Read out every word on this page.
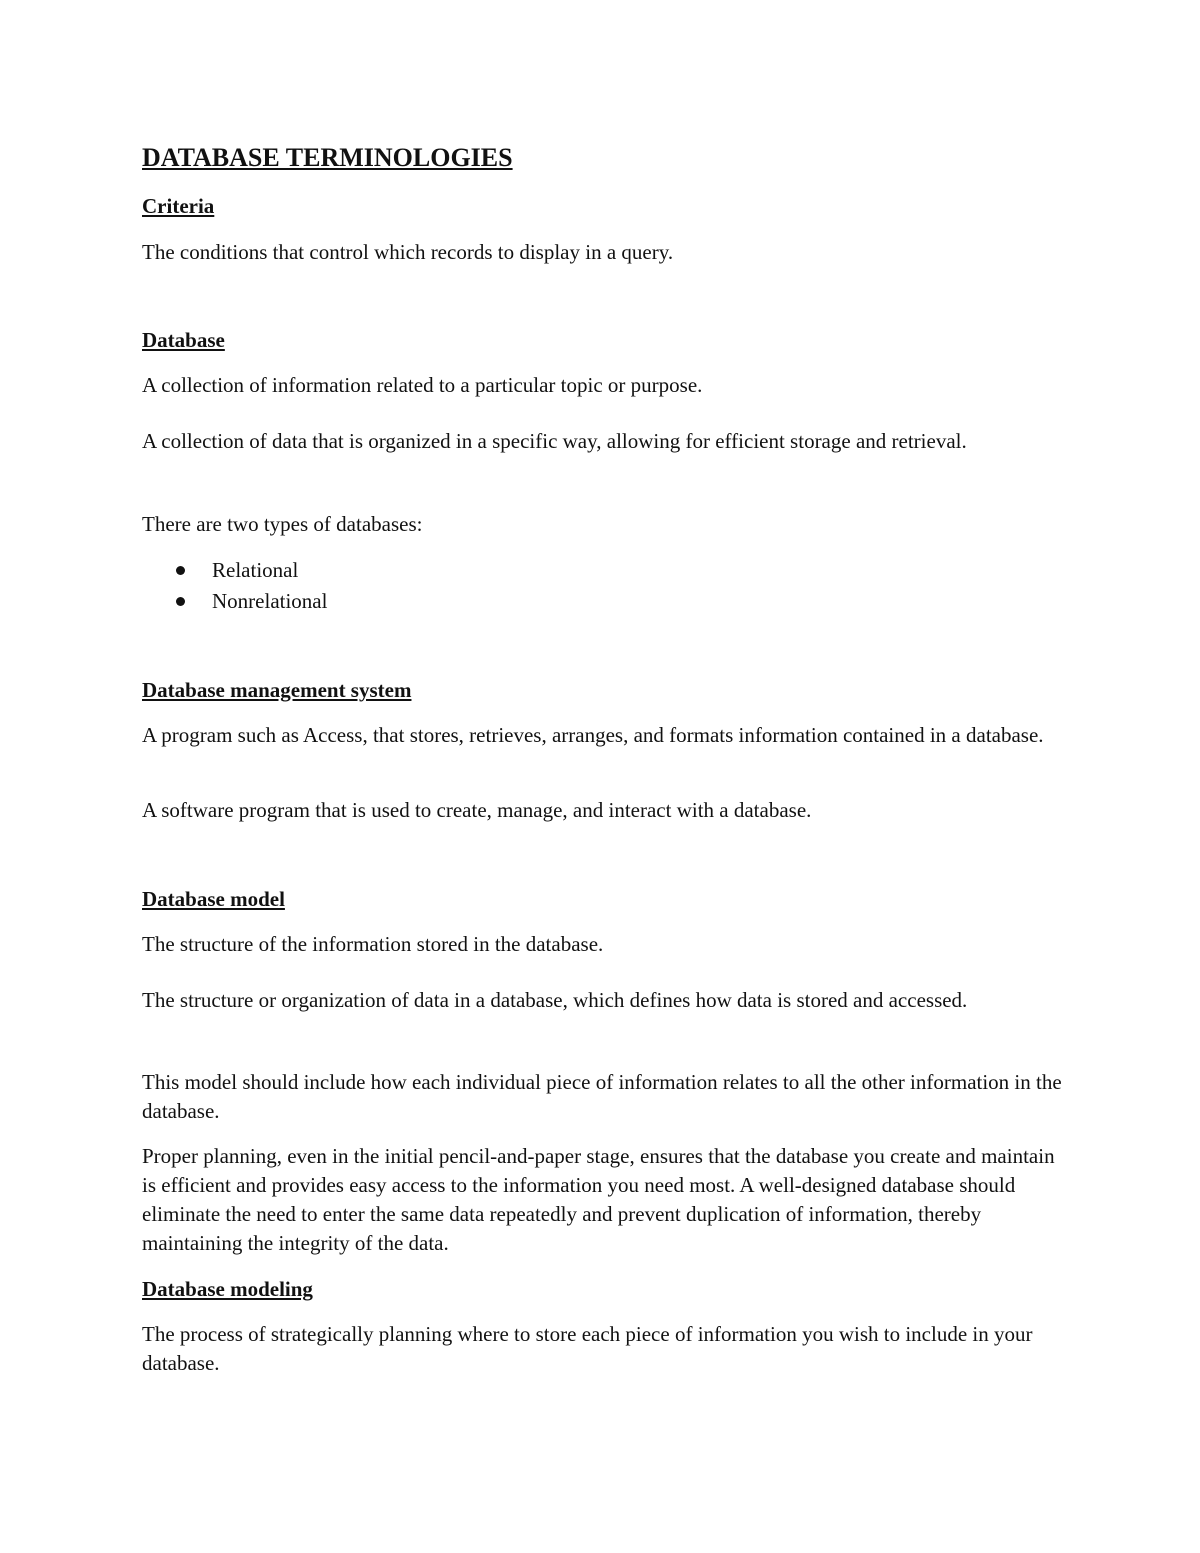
DATABASE TERMINOLOGIES

Criteria

The conditions that control which records to display in a query.

Database

A collection of information related to a particular topic or purpose.

A collection of data that is organized in a specific way, allowing for efficient storage and retrieval.

There are two types of databases:

Relational
Nonrelational

Database management system

A program such as Access, that stores, retrieves, arranges, and formats information contained in a database.

A software program that is used to create, manage, and interact with a database.

Database model

The structure of the information stored in the database.

The structure or organization of data in a database, which defines how data is stored and accessed.

This model should include how each individual piece of information relates to all the other information in the database.

Proper planning, even in the initial pencil-and-paper stage, ensures that the database you create and maintain is efficient and provides easy access to the information you need most. A well-designed database should eliminate the need to enter the same data repeatedly and prevent duplication of information, thereby maintaining the integrity of the data.

Database modeling

The process of strategically planning where to store each piece of information you wish to include in your database.
